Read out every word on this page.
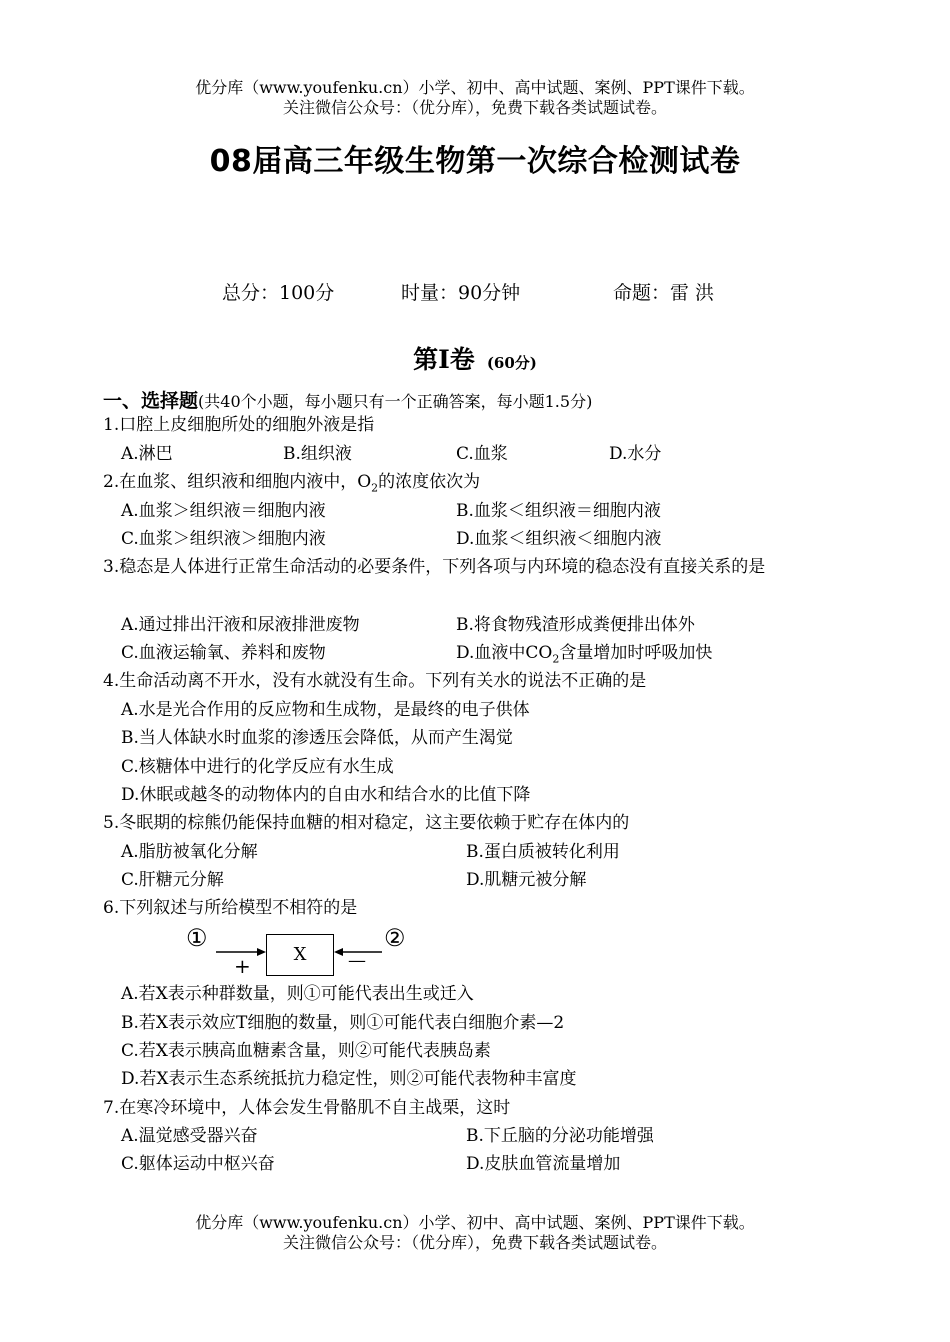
优分库（www.youfenku.cn）小学、初中、高中试题、案例、PPT课件下载。
关注微信公众号：（优分库），免费下载各类试题试卷。
08届高三年级生物第一次综合检测试卷
总分：100分	时量：90分钟	命题：雷 洪
第Ⅰ卷 (60分)
一、选择题(共40个小题，每小题只有一个正确答案，每小题1.5分)
1.口腔上皮细胞所处的细胞外液是指
A.淋巴	B.组织液	C.血浆	D.水分
2.在血浆、组织液和细胞内液中，$O_2$的浓度依次为
A.血浆＞组织液＝细胞内液	B.血浆＜组织液＝细胞内液
C.血浆＞组织液＞细胞内液	D.血浆＜组织液＜细胞内液
3.稳态是人体进行正常生命活动的必要条件，下列各项与内环境的稳态没有直接关系的是
A.通过排出汗液和尿液排泄废物	B.将食物残渣形成粪便排出体外
C.血液运输氧、养料和废物	D.血液中$CO_2$含量增加时呼吸加快
4.生命活动离不开水，没有水就没有生命。下列有关水的说法不正确的是
A.水是光合作用的反应物和生成物，是最终的电子供体
B.当人体缺水时血浆的渗透压会降低，从而产生渴觉
C.核糖体中进行的化学反应有水生成
D.休眠或越冬的动物体内的自由水和结合水的比值下降
5.冬眠期的棕熊仍能保持血糖的相对稳定，这主要依赖于贮存在体内的
A.脂肪被氧化分解	B.蛋白质被转化利用
C.肝糖元分解	D.肌糖元被分解
6.下列叙述与所给模型不相符的是
①	②
X
+	—
A.若X表示种群数量，则①可能代表出生或迁入
B.若X表示效应T细胞的数量，则①可能代表白细胞介素—2
C.若X表示胰高血糖素含量，则②可能代表胰岛素
D.若X表示生态系统抵抗力稳定性，则②可能代表物种丰富度
7.在寒冷环境中，人体会发生骨骼肌不自主战栗，这时
A.温觉感受器兴奋	B.下丘脑的分泌功能增强
C.躯体运动中枢兴奋	D.皮肤血管流量增加
优分库（www.youfenku.cn）小学、初中、高中试题、案例、PPT课件下载。
关注微信公众号：（优分库），免费下载各类试题试卷。
